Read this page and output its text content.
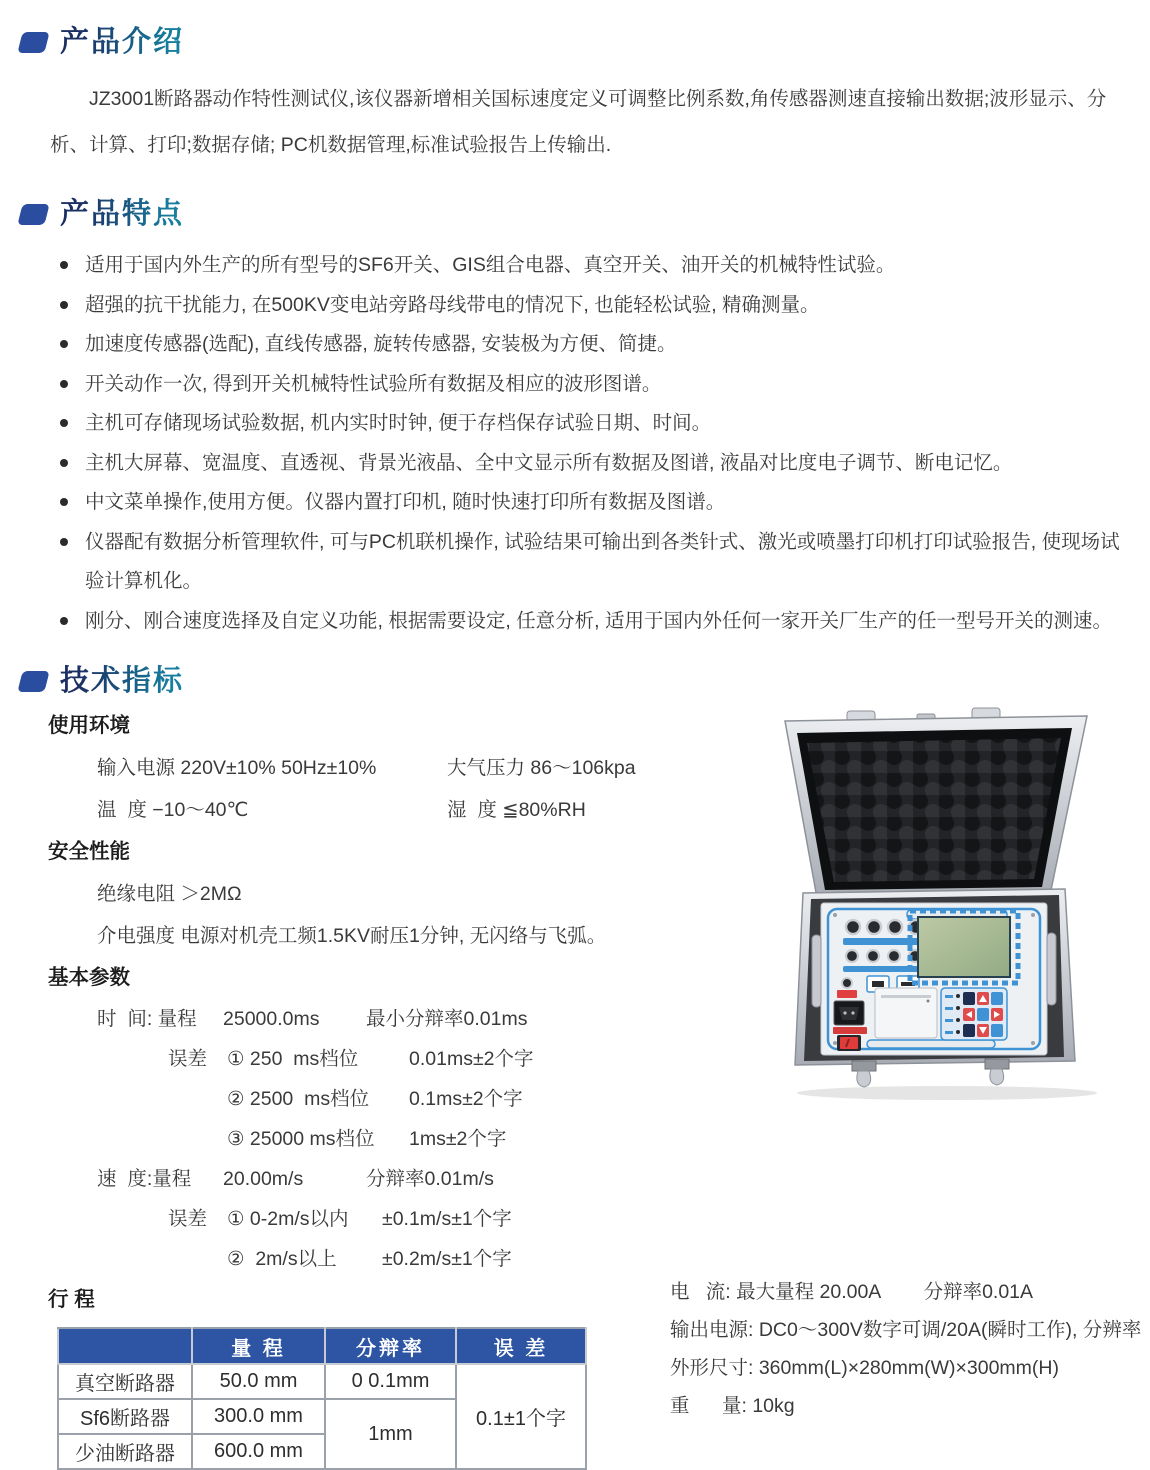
产品介绍

JZ3001断路器动作特性测试仪,该仪器新增相关国标速度定义可调整比例系数,角传感器测速直接输出数据;波形显示、分析、计算、打印;数据存储; PC机数据管理,标准试验报告上传输出.

产品特点
适用于国内外生产的所有型号的SF6开关、GIS组合电器、真空开关、油开关的机械特性试验。
超强的抗干扰能力, 在500KV变电站旁路母线带电的情况下, 也能轻松试验, 精确测量。
加速度传感器(选配), 直线传感器, 旋转传感器, 安装极为方便、简捷。
开关动作一次, 得到开关机械特性试验所有数据及相应的波形图谱。
主机可存储现场试验数据, 机内实时时钟, 便于存档保存试验日期、时间。
主机大屏幕、宽温度、直透视、背景光液晶、全中文显示所有数据及图谱, 液晶对比度电子调节、断电记忆。
中文菜单操作,使用方便。仪器内置打印机, 随时快速打印所有数据及图谱。
仪器配有数据分析管理软件, 可与PC机联机操作, 试验结果可输出到各类针式、激光或喷墨打印机打印试验报告, 使现场试验计算机化。
刚分、刚合速度选择及自定义功能, 根据需要设定, 任意分析, 适用于国内外任何一家开关厂生产的任一型号开关的测速。
技术指标
使用环境
输入电源 220V±10% 50Hz±10%	大气压力 86～106kpa
温  度 −10～40℃	湿  度 ≦80%RH
安全性能
绝缘电阻 ＞2MΩ
介电强度 电源对机壳工频1.5KV耐压1分钟, 无闪络与飞弧。
基本参数
时  间: 量程	25000.0ms	最小分辩率0.01ms
误差	① 250  ms档位	0.01ms±2个字
② 2500  ms档位	0.1ms±2个字
③ 25000 ms档位	1ms±2个字
速  度:量程	20.00m/s	分辩率0.01m/s
误差	① 0-2m/s以内	±0.1m/s±1个字
②  2m/s以上	±0.2m/s±1个字
行 程
	量 程	分辩率	误 差
真空断路器	50.0 mm	0 0.1mm	0.1±1个字
Sf6断路器	300.0 mm	1mm	
少油断路器	600.0 mm		

电   流: 最大量程 20.00A        分辩率0.01A

输出电源: DC0～300V数字可调/20A(瞬时工作), 分辨率

外形尺寸: 360mm(L)×280mm(W)×300mm(H)

重      量: 10kg
